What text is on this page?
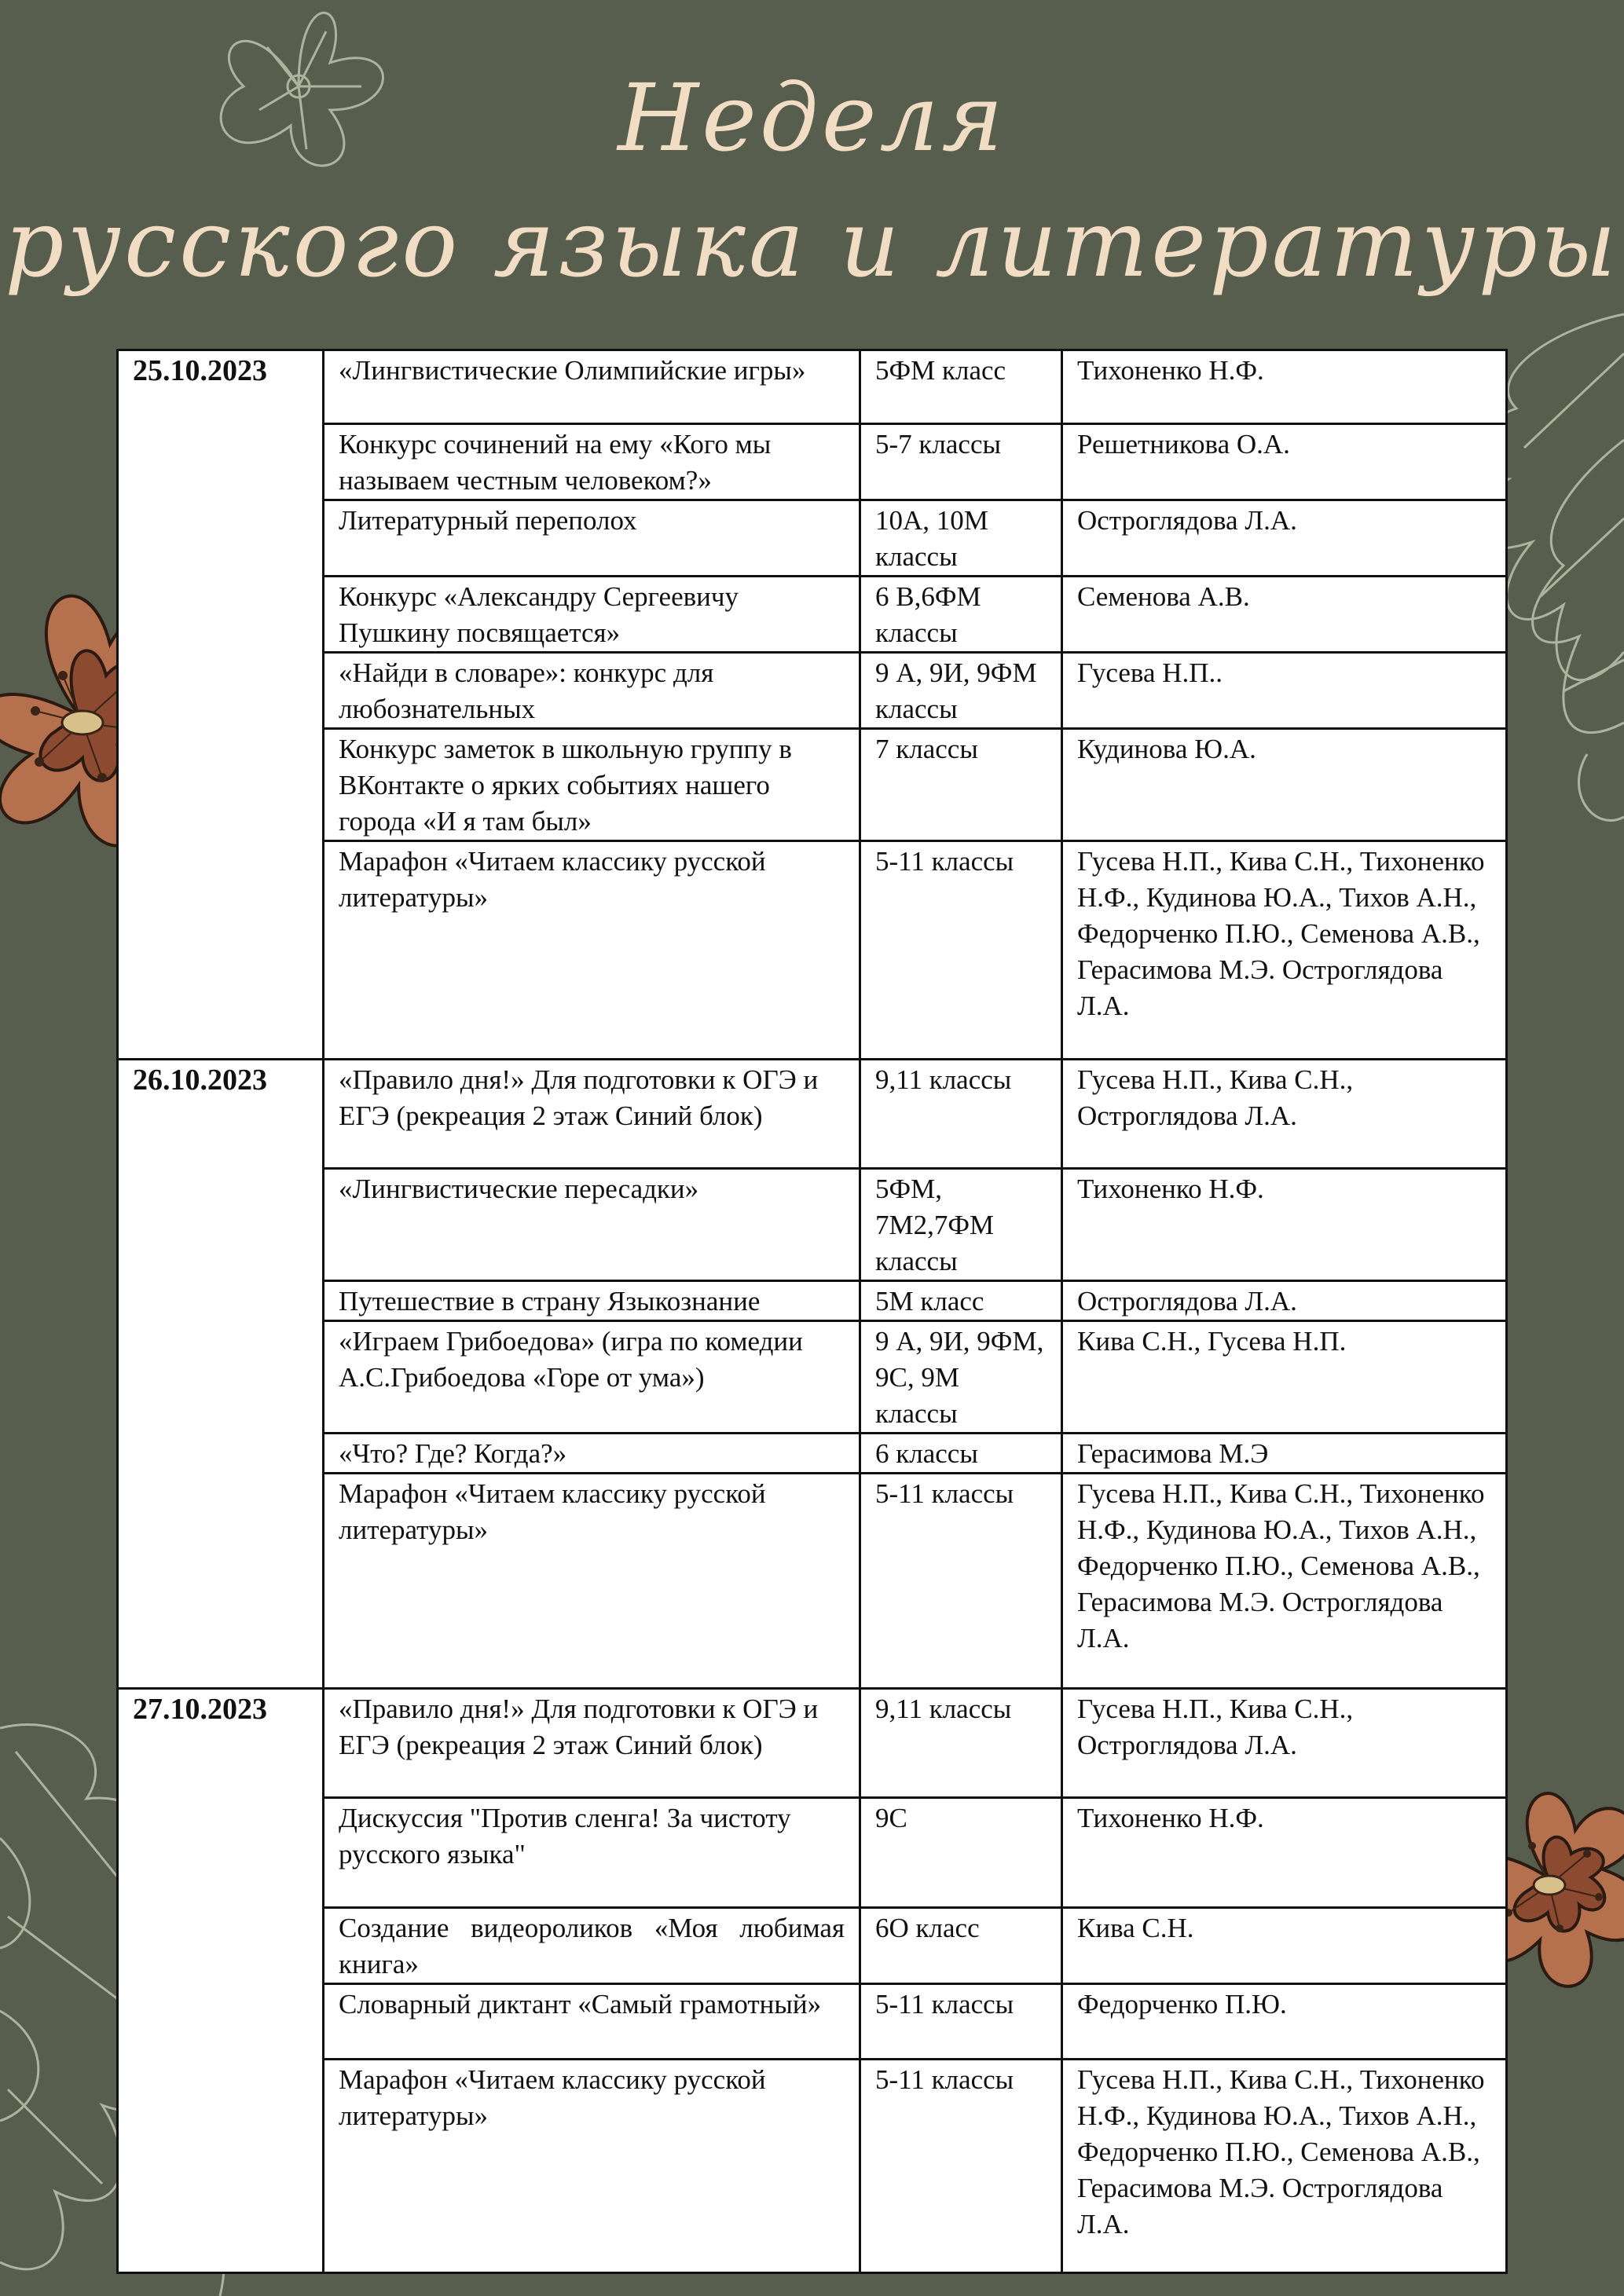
Неделя
русского языка и литературы
25.10.2023	«Лингвистические Олимпийские игры»	5ФМ класс	Тихоненко Н.Ф.
	Конкурс сочинений на ему «Кого мы называем честным человеком?»	5-7 классы	Решетникова О.А.
	Литературный переполох	10А, 10М классы	Остроглядова Л.А.
	Конкурс «Александру Сергеевичу Пушкину посвящается»	6 В,6ФМ классы	Семенова А.В.
	«Найди в словаре»: конкурс для любознательных	9 А, 9И, 9ФМ классы	Гусева Н.П..
	Конкурс заметок в школьную группу в ВКонтакте о ярких событиях нашего города «И я там был»	7 классы	Кудинова Ю.А.
	Марафон «Читаем классику русской литературы»	5-11 классы	Гусева Н.П., Кива С.Н., Тихоненко Н.Ф., Кудинова Ю.А., Тихов А.Н., Федорченко П.Ю., Семенова А.В., Герасимова М.Э. Остроглядова Л.А.
26.10.2023	«Правило дня!» Для подготовки к ОГЭ и ЕГЭ (рекреация 2 этаж Синий блок)	9,11 классы	Гусева Н.П., Кива С.Н., Остроглядова Л.А.
	«Лингвистические пересадки»	5ФМ, 7М2,7ФМ классы	Тихоненко Н.Ф.
	Путешествие в страну Языкознание	5М класс	Остроглядова Л.А.
	«Играем Грибоедова» (игра по комедии А.С.Грибоедова «Горе от ума»)	9 А, 9И, 9ФМ, 9С, 9М классы	Кива С.Н., Гусева Н.П.
	«Что? Где? Когда?»	6 классы	Герасимова М.Э
	Марафон «Читаем классику русской литературы»	5-11 классы	Гусева Н.П., Кива С.Н., Тихоненко Н.Ф., Кудинова Ю.А., Тихов А.Н., Федорченко П.Ю., Семенова А.В., Герасимова М.Э. Остроглядова Л.А.
27.10.2023	«Правило дня!» Для подготовки к ОГЭ и ЕГЭ (рекреация 2 этаж Синий блок)	9,11 классы	Гусева Н.П., Кива С.Н., Остроглядова Л.А.
	Дискуссия "Против сленга! За чистоту русского языка"	9С	Тихоненко Н.Ф.
	Создание видеороликов «Моя любимая книга»	6О класс	Кива С.Н.
	Словарный диктант «Самый грамотный»	5-11 классы	Федорченко П.Ю.
	Марафон «Читаем классику русской литературы»	5-11 классы	Гусева Н.П., Кива С.Н., Тихоненко Н.Ф., Кудинова Ю.А., Тихов А.Н., Федорченко П.Ю., Семенова А.В., Герасимова М.Э. Остроглядова Л.А.
